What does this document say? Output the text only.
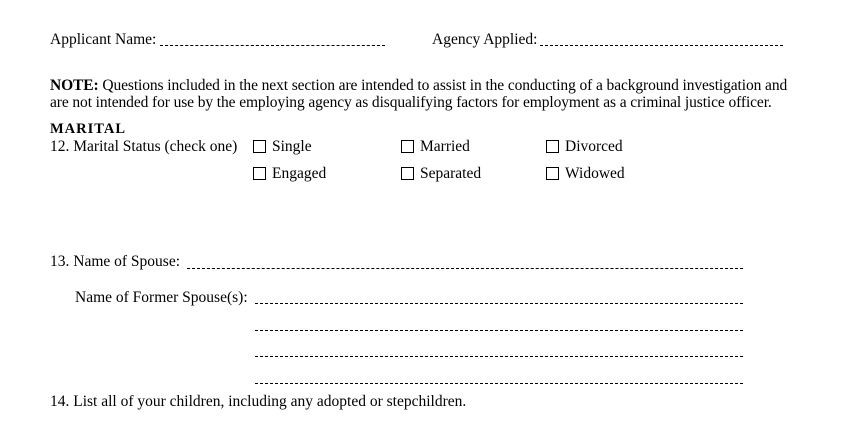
Applicant Name:	Agency Applied:
NOTE: Questions included in the next section are intended to assist in the conducting of a background investigation and
are not intended for use by the employing agency as disqualifying factors for employment as a criminal justice officer.
MARITAL
12. Marital Status (check one) Single	Married	Divorced
Engaged	Separated	Widowed
13. Name of Spouse:
Name of Former Spouse(s):
14. List all of your children, including any adopted or stepchildren.
